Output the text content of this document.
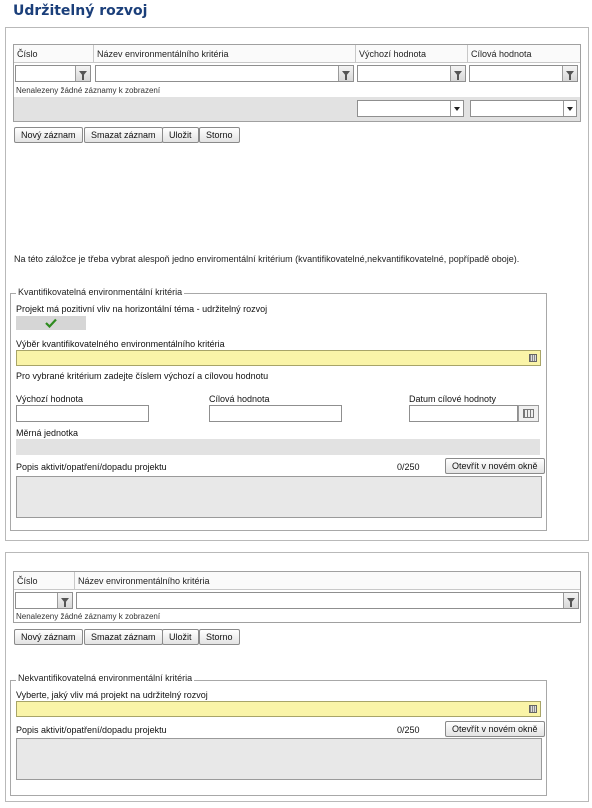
Udržitelný rozvoj
Číslo	Název environmentálního kritéria	Výchozí hodnota	Cílová hodnota
Nenalezeny žádné záznamy k zobrazení
Nový záznam	Smazat záznam	Uložit	Storno
Na této záložce je třeba vybrat alespoň jedno enviromentální kritérium (kvantifikovatelné,nekvantifikovatelné, popřípadě oboje).
Kvantifikovatelná environmentální kritéria
Projekt má pozitivní vliv na horizontální téma - udržitelný rozvoj
Výběr kvantifikovatelného environmentálního kritéria
Pro vybrané kritérium zadejte číslem výchozí a cílovou hodnotu
Výchozí hodnota	Cílová hodnota	Datum cílové hodnoty
Měrná jednotka
Popis aktivit/opatření/dopadu projektu	0/250	Otevřít v novém okně
Číslo	Název environmentálního kritéria
Nenalezeny žádné záznamy k zobrazení
Nový záznam	Smazat záznam	Uložit	Storno
Nekvantifikovatelná environmentální kritéria
Vyberte, jaký vliv má projekt na udržitelný rozvoj
Popis aktivit/opatření/dopadu projektu	0/250	Otevřít v novém okně
